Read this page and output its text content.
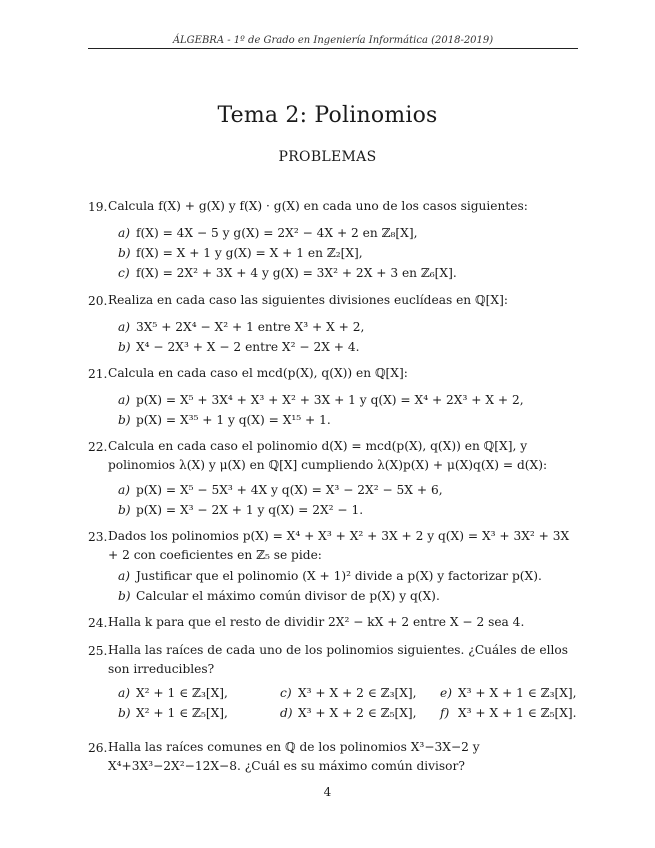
ÁLGEBRA - 1º de Grado en Ingeniería Informática (2018-2019)
Tema 2: Polinomios
PROBLEMAS
19. Calcula f(X) + g(X) y f(X) · g(X) en cada uno de los casos siguientes:
a) f(X) = 4X − 5 y g(X) = 2X² − 4X + 2 en ℤ₈[X],
b) f(X) = X + 1 y g(X) = X + 1 en ℤ₂[X],
c) f(X) = 2X² + 3X + 4 y g(X) = 3X² + 2X + 3 en ℤ₆[X].
20. Realiza en cada caso las siguientes divisiones euclídeas en ℚ[X]:
a) 3X⁵ + 2X⁴ − X² + 1 entre X³ + X + 2,
b) X⁴ − 2X³ + X − 2 entre X² − 2X + 4.
21. Calcula en cada caso el mcd(p(X), q(X)) en ℚ[X]:
a) p(X) = X⁵ + 3X⁴ + X³ + X² + 3X + 1 y q(X) = X⁴ + 2X³ + X + 2,
b) p(X) = X³⁵ + 1 y q(X) = X¹⁵ + 1.
22. Calcula en cada caso el polinomio d(X) = mcd(p(X), q(X)) en ℚ[X], y polinomios λ(X) y μ(X) en ℚ[X] cumpliendo λ(X)p(X) + μ(X)q(X) = d(X):
a) p(X) = X⁵ − 5X³ + 4X y q(X) = X³ − 2X² − 5X + 6,
b) p(X) = X³ − 2X + 1 y q(X) = 2X² − 1.
23. Dados los polinomios p(X) = X⁴ + X³ + X² + 3X + 2 y q(X) = X³ + 3X² + 3X + 2 con coeficientes en ℤ₅ se pide:
a) Justificar que el polinomio (X + 1)² divide a p(X) y factorizar p(X).
b) Calcular el máximo común divisor de p(X) y q(X).
24. Halla k para que el resto de dividir 2X² − kX + 2 entre X − 2 sea 4.
25. Halla las raíces de cada uno de los polinomios siguientes. ¿Cuáles de ellos son irreducibles?
a) X² + 1 ∈ ℤ₃[X],	c) X³ + X + 2 ∈ ℤ₃[X], e) X³ + X + 1 ∈ ℤ₃[X],
b) X² + 1 ∈ ℤ₅[X],	d) X³ + X + 2 ∈ ℤ₅[X], f) X³ + X + 1 ∈ ℤ₅[X].
26. Halla las raíces comunes en ℚ de los polinomios X³−3X−2 y X⁴+3X³−2X²−12X−8. ¿Cuál es su máximo común divisor?
4
